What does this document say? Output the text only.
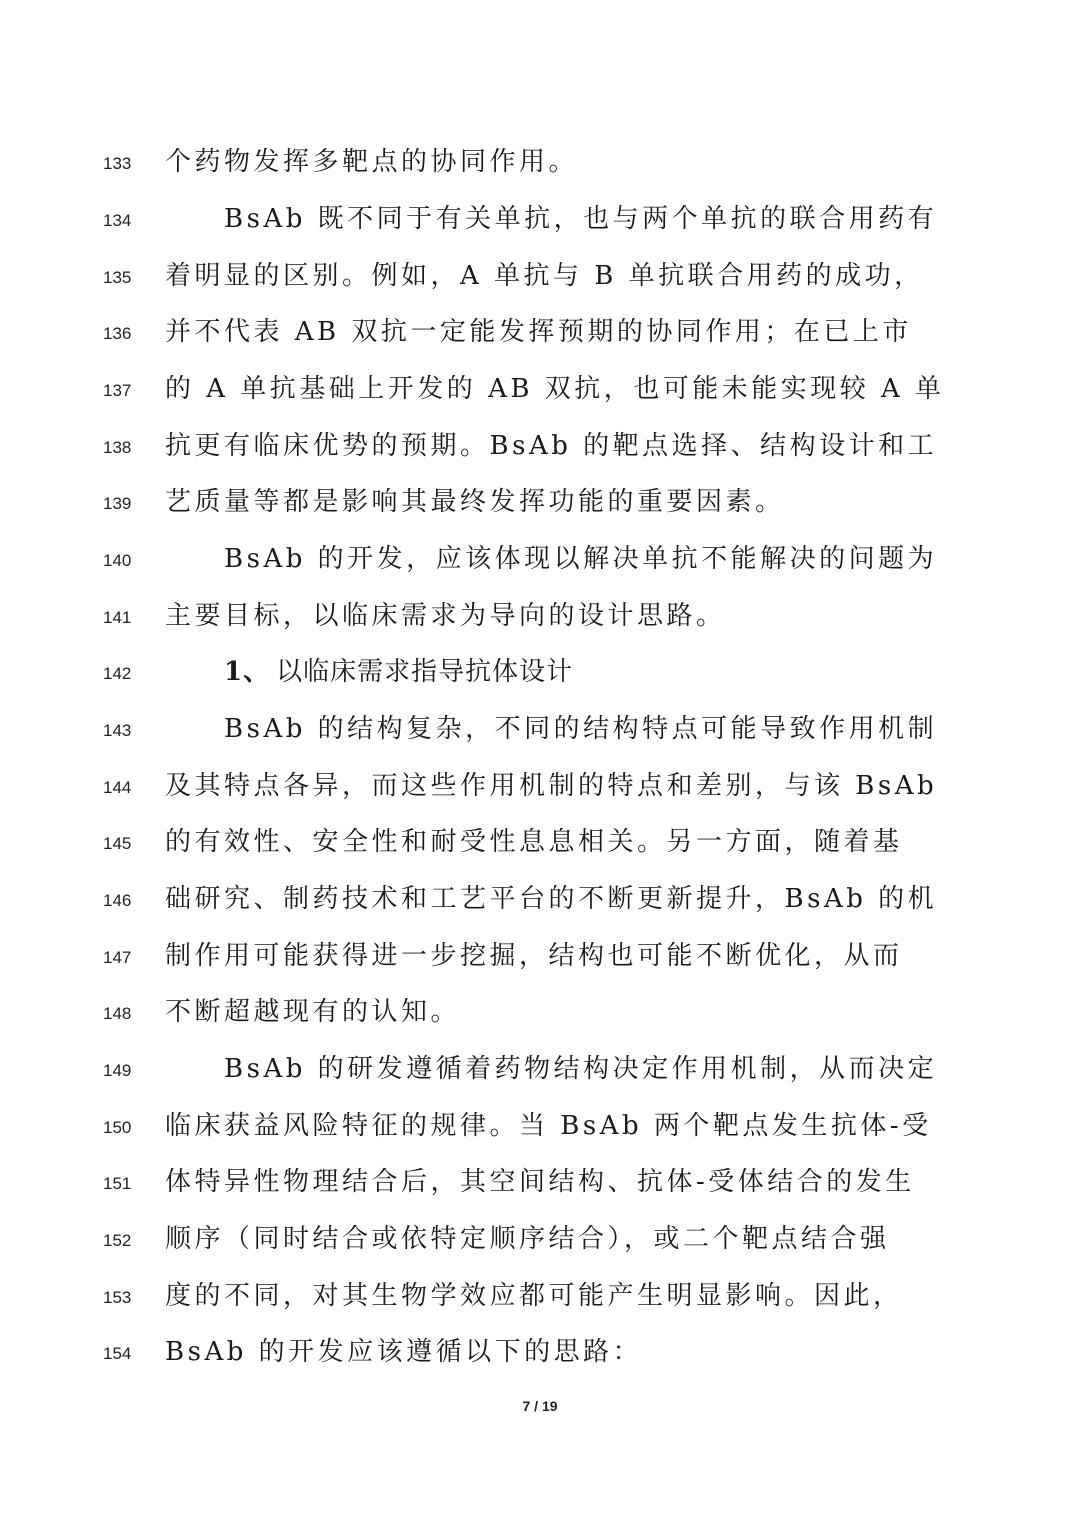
133 个药物发挥多靶点的协同作用。
134	BsAb 既不同于有关单抗，也与两个单抗的联合用药有
135 着明显的区别。例如，A 单抗与 B 单抗联合用药的成功，
136 并不代表 AB 双抗一定能发挥预期的协同作用；在已上市
137 的 A 单抗基础上开发的 AB 双抗，也可能未能实现较 A 单
138 抗更有临床优势的预期。BsAb 的靶点选择、结构设计和工
139 艺质量等都是影响其最终发挥功能的重要因素。
140	BsAb 的开发，应该体现以解决单抗不能解决的问题为
141 主要目标，以临床需求为导向的设计思路。
142	1、 以临床需求指导抗体设计
143	BsAb 的结构复杂，不同的结构特点可能导致作用机制
144 及其特点各异，而这些作用机制的特点和差别，与该 BsAb
145 的有效性、安全性和耐受性息息相关。另一方面，随着基
146 础研究、制药技术和工艺平台的不断更新提升，BsAb 的机
147 制作用可能获得进一步挖掘，结构也可能不断优化，从而
148 不断超越现有的认知。
149	BsAb 的研发遵循着药物结构决定作用机制，从而决定
150 临床获益风险特征的规律。当 BsAb 两个靶点发生抗体-受
151 体特异性物理结合后，其空间结构、抗体-受体结合的发生
152 顺序（同时结合或依特定顺序结合），或二个靶点结合强
153 度的不同，对其生物学效应都可能产生明显影响。因此，
154 BsAb 的开发应该遵循以下的思路：
7 / 19
